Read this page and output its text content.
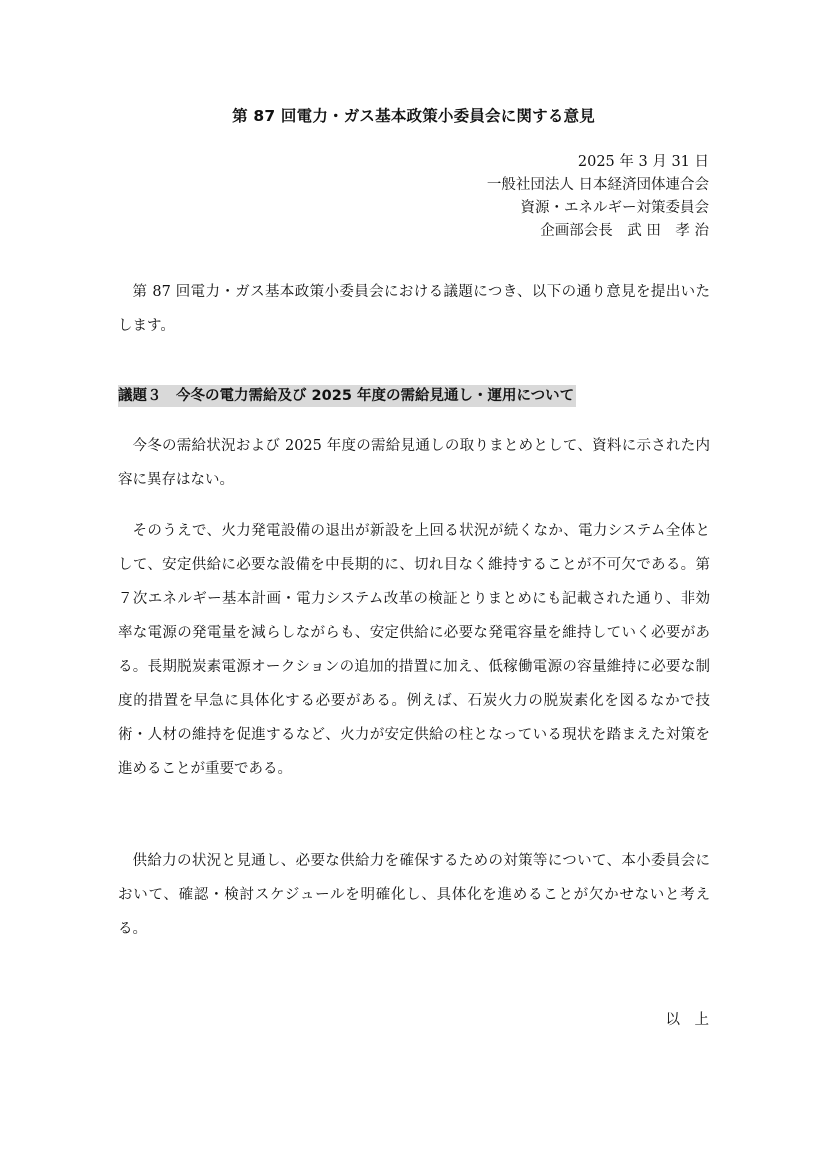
第 87 回電力・ガス基本政策小委員会に関する意見
2025 年 3 月 31 日
一般社団法人 日本経済団体連合会
資源・エネルギー対策委員会
企画部会長　武 田　孝 治
第 87 回電力・ガス基本政策小委員会における議題につき、以下の通り意見を提出いたします。
議題３　今冬の電力需給及び 2025 年度の需給見通し・運用について
今冬の需給状況および 2025 年度の需給見通しの取りまとめとして、資料に示された内容に異存はない。
そのうえで、火力発電設備の退出が新設を上回る状況が続くなか、電力システム全体として、安定供給に必要な設備を中長期的に、切れ目なく維持することが不可欠である。第７次エネルギー基本計画・電力システム改革の検証とりまとめにも記載された通り、非効率な電源の発電量を減らしながらも、安定供給に必要な発電容量を維持していく必要がある。長期脱炭素電源オークションの追加的措置に加え、低稼働電源の容量維持に必要な制度的措置を早急に具体化する必要がある。例えば、石炭火力の脱炭素化を図るなかで技術・人材の維持を促進するなど、火力が安定供給の柱となっている現状を踏まえた対策を進めることが重要である。
供給力の状況と見通し、必要な供給力を確保するための対策等について、本小委員会において、確認・検討スケジュールを明確化し、具体化を進めることが欠かせないと考える。
以　上
